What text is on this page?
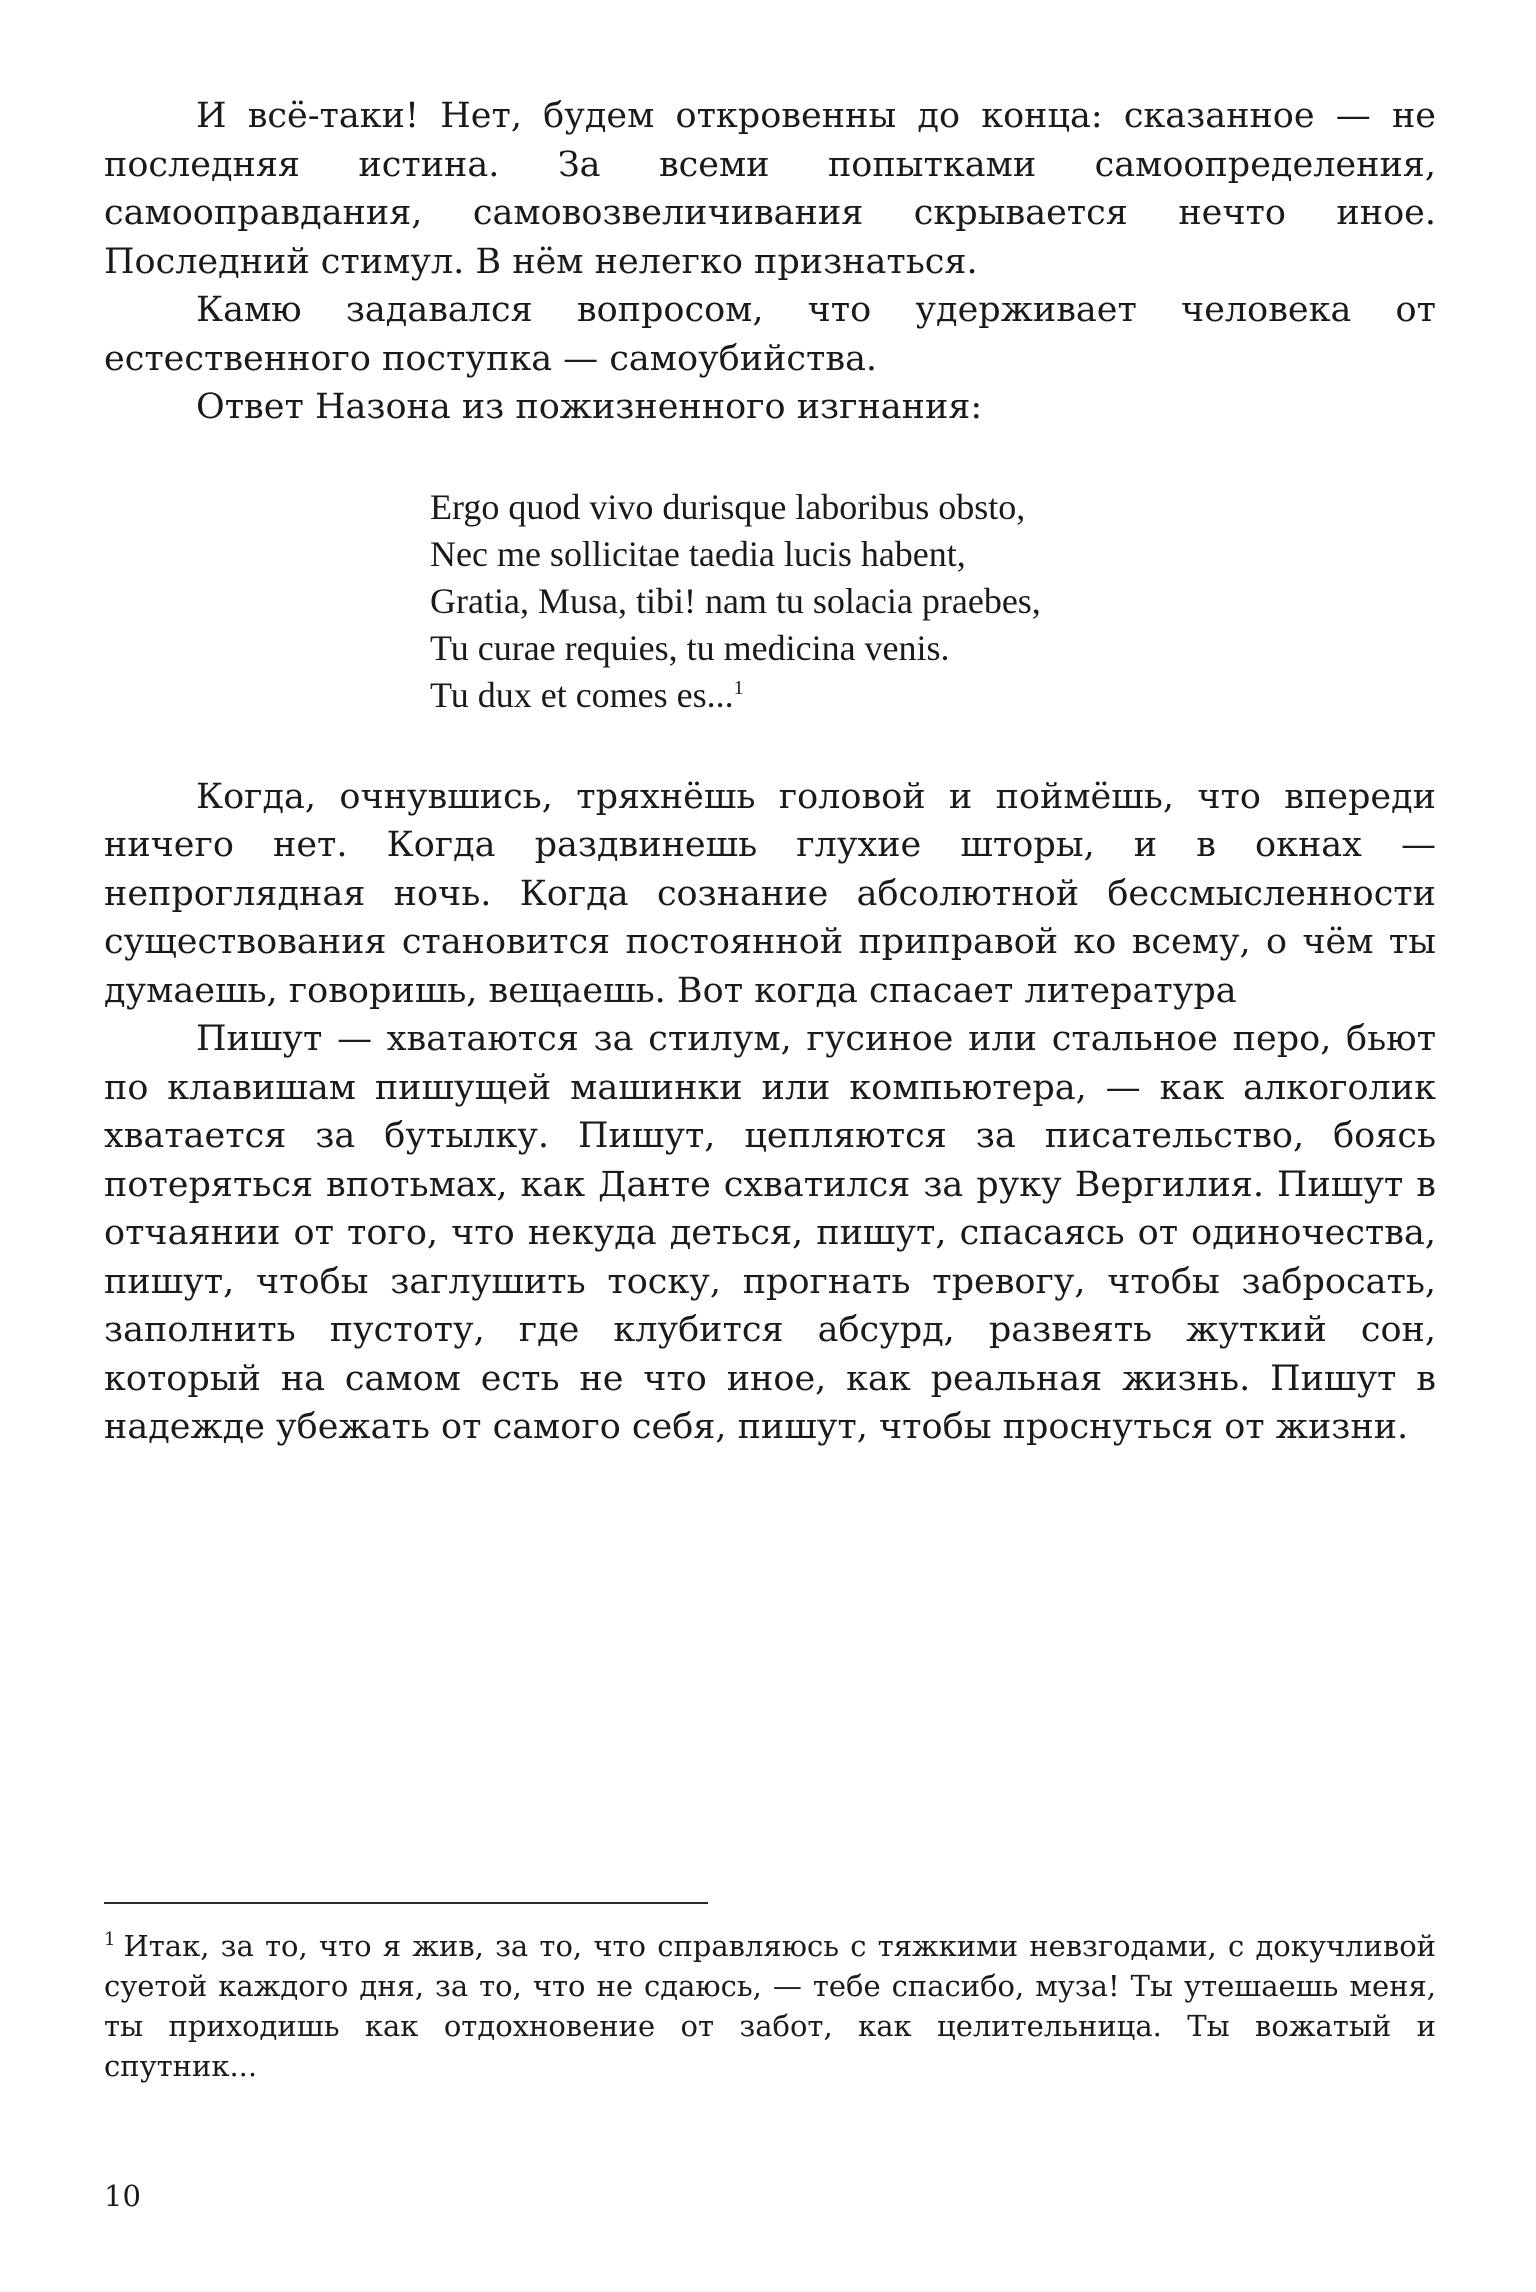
И всё-таки! Нет, будем откровенны до конца: сказанное — не последняя истина. За всеми попытками самоопределения, самооправдания, самовозвеличивания скрывается нечто иное. Последний стимул. В нём нелегко признаться.

Камю задавался вопросом, что удерживает человека от естественного поступка — самоубийства.

Ответ Назона из пожизненного изгнания:

Ergo quod vivo durisque laboribus obsto,
Nec me sollicitae taedia lucis habent,
Gratia, Musa, tibi! nam tu solacia praebes,
Tu curae requies, tu medicina venis.
Tu dux et comes es...$^1$

Когда, очнувшись, тряхнёшь головой и поймёшь, что впереди ничего нет. Когда раздвинешь глухие шторы, и в окнах — непроглядная ночь. Когда сознание абсолютной бессмысленности существования становится постоянной приправой ко всему, о чём ты думаешь, говоришь, вещаешь. Вот когда спасает литература

Пишут — хватаются за стилум, гусиное или стальное перо, бьют по клавишам пишущей машинки или компьютера, — как алкоголик хватается за бутылку. Пишут, цепляются за писательство, боясь потеряться впотьмах, как Данте схватился за руку Вергилия. Пишут в отчаянии от того, что некуда деться, пишут, спасаясь от одиночества, пишут, чтобы заглушить тоску, прогнать тревогу, чтобы забросать, заполнить пустоту, где клубится абсурд, развеять жуткий сон, который на самом есть не что иное, как реальная жизнь. Пишут в надежде убежать от самого себя, пишут, чтобы проснуться от жизни.

$^1$ Итак, за то, что я жив, за то, что справляюсь с тяжкими невзгодами, с докучливой суетой каждого дня, за то, что не сдаюсь, — тебе спасибо, муза! Ты утешаешь меня, ты приходишь как отдохновение от забот, как целительница. Ты вожатый и спутник...

10
